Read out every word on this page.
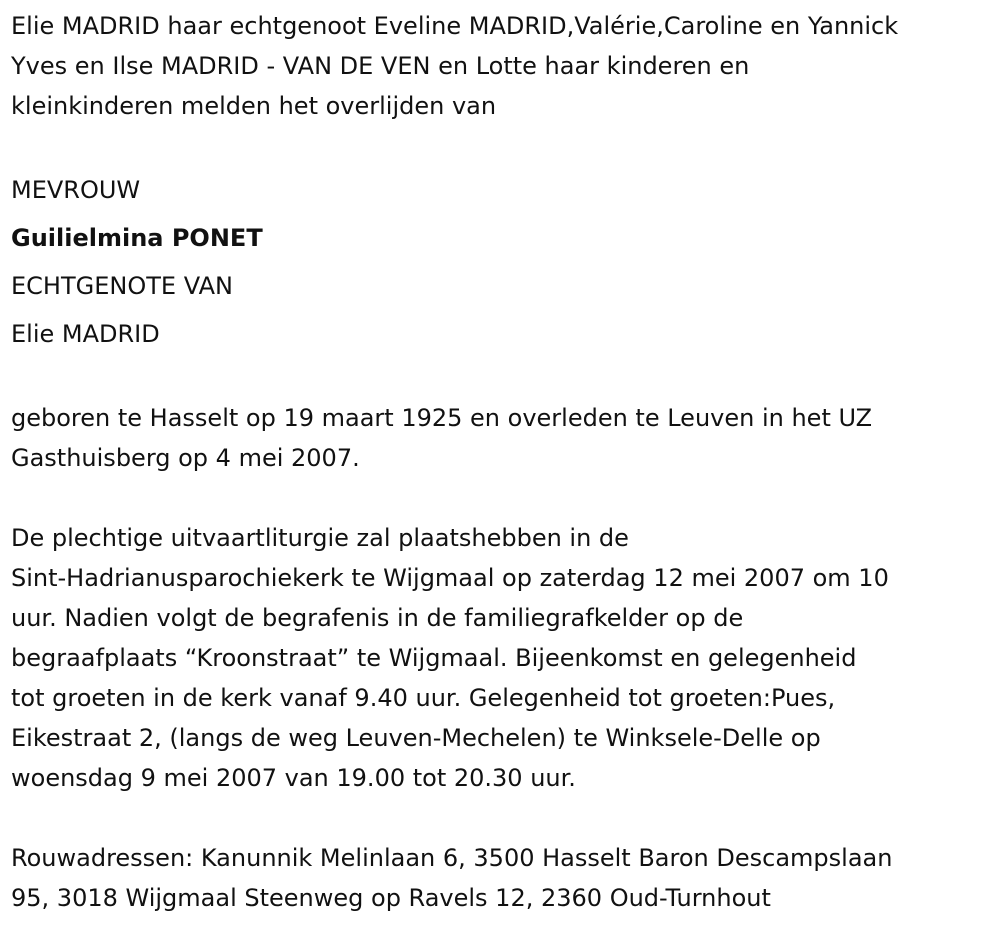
Elie MADRID haar echtgenoot Eveline MADRID,Valérie,Caroline en Yannick

Yves en Ilse MADRID - VAN DE VEN en Lotte haar kinderen en

kleinkinderen melden het overlijden van

MEVROUW

Guilielmina PONET

ECHTGENOTE VAN

Elie MADRID

geboren te Hasselt op 19 maart 1925 en overleden te Leuven in het UZ

Gasthuisberg op 4 mei 2007.

De plechtige uitvaartliturgie zal plaatshebben in de

Sint-Hadrianusparochiekerk te Wijgmaal op zaterdag 12 mei 2007 om 10

uur. Nadien volgt de begrafenis in de familiegrafkelder op de

begraafplaats “Kroonstraat” te Wijgmaal. Bijeenkomst en gelegenheid

tot groeten in de kerk vanaf 9.40 uur. Gelegenheid tot groeten:Pues,

Eikestraat 2, (langs de weg Leuven-Mechelen) te Winksele-Delle op

woensdag 9 mei 2007 van 19.00 tot 20.30 uur.

Rouwadressen: Kanunnik Melinlaan 6, 3500 Hasselt Baron Descampslaan

95, 3018 Wijgmaal Steenweg op Ravels 12, 2360 Oud-Turnhout
